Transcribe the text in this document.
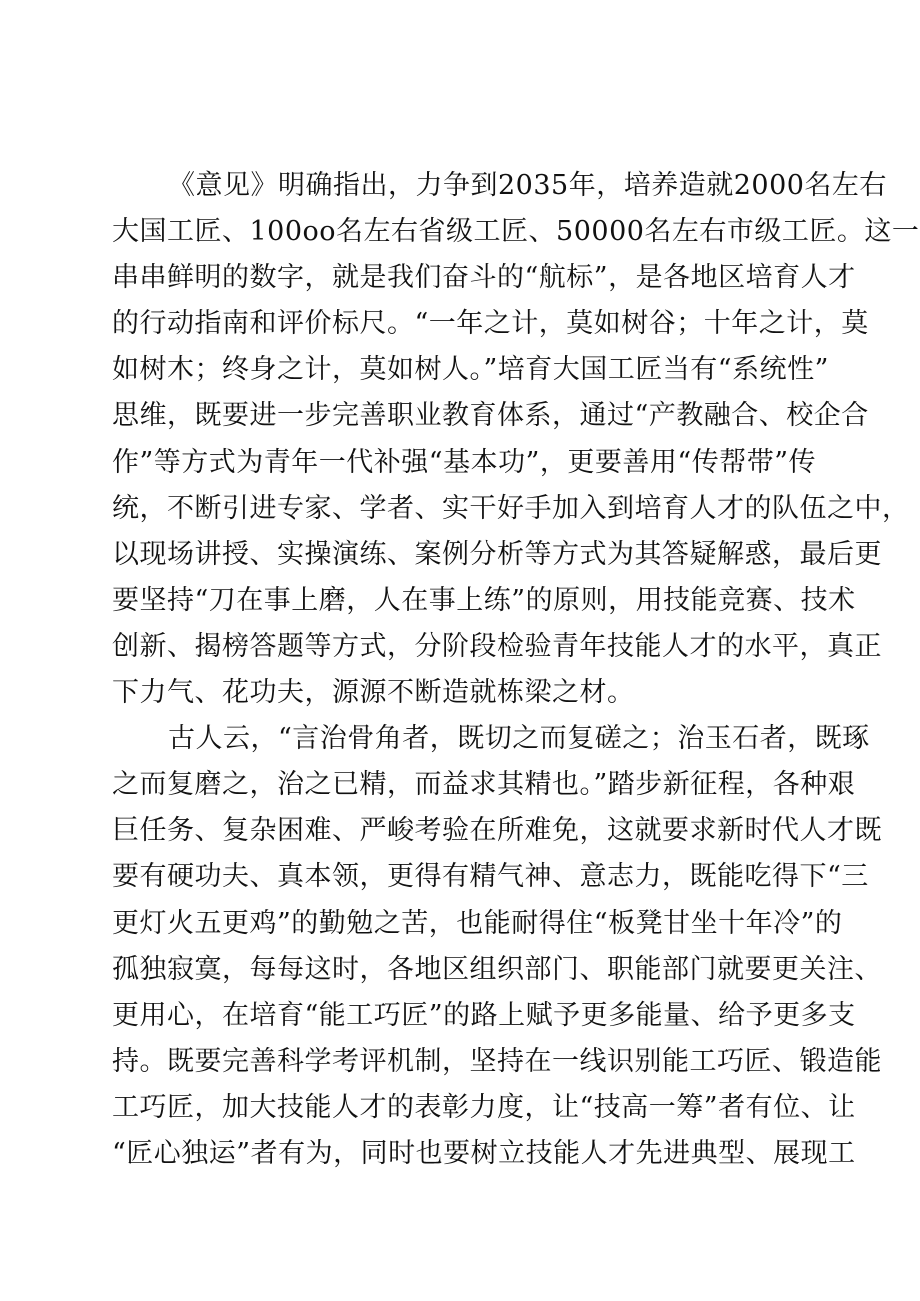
《意见》明确指出，力争到2035年，培养造就2000名左右
大国工匠、100oo名左右省级工匠、50000名左右市级工匠。这一
串串鲜明的数字，就是我们奋斗的“航标”，是各地区培育人才
的行动指南和评价标尺。“一年之计，莫如树谷；十年之计，莫
如树木；终身之计，莫如树人。”培育大国工匠当有“系统性”
思维，既要进一步完善职业教育体系，通过“产教融合、校企合
作”等方式为青年一代补强“基本功”，更要善用“传帮带”传
统，不断引进专家、学者、实干好手加入到培育人才的队伍之中，
以现场讲授、实操演练、案例分析等方式为其答疑解惑，最后更
要坚持“刀在事上磨，人在事上练”的原则，用技能竞赛、技术
创新、揭榜答题等方式，分阶段检验青年技能人才的水平，真正
下力气、花功夫，源源不断造就栋梁之材。
古人云，“言治骨角者，既切之而复磋之；治玉石者，既琢
之而复磨之，治之已精，而益求其精也。”踏步新征程，各种艰
巨任务、复杂困难、严峻考验在所难免，这就要求新时代人才既
要有硬功夫、真本领，更得有精气神、意志力，既能吃得下“三
更灯火五更鸡”的勤勉之苦，也能耐得住“板凳甘坐十年冷”的
孤独寂寞，每每这时，各地区组织部门、职能部门就要更关注、
更用心，在培育“能工巧匠”的路上赋予更多能量、给予更多支
持。既要完善科学考评机制，坚持在一线识别能工巧匠、锻造能
工巧匠，加大技能人才的表彰力度，让“技高一筹”者有位、让
“匠心独运”者有为，同时也要树立技能人才先进典型、展现工
